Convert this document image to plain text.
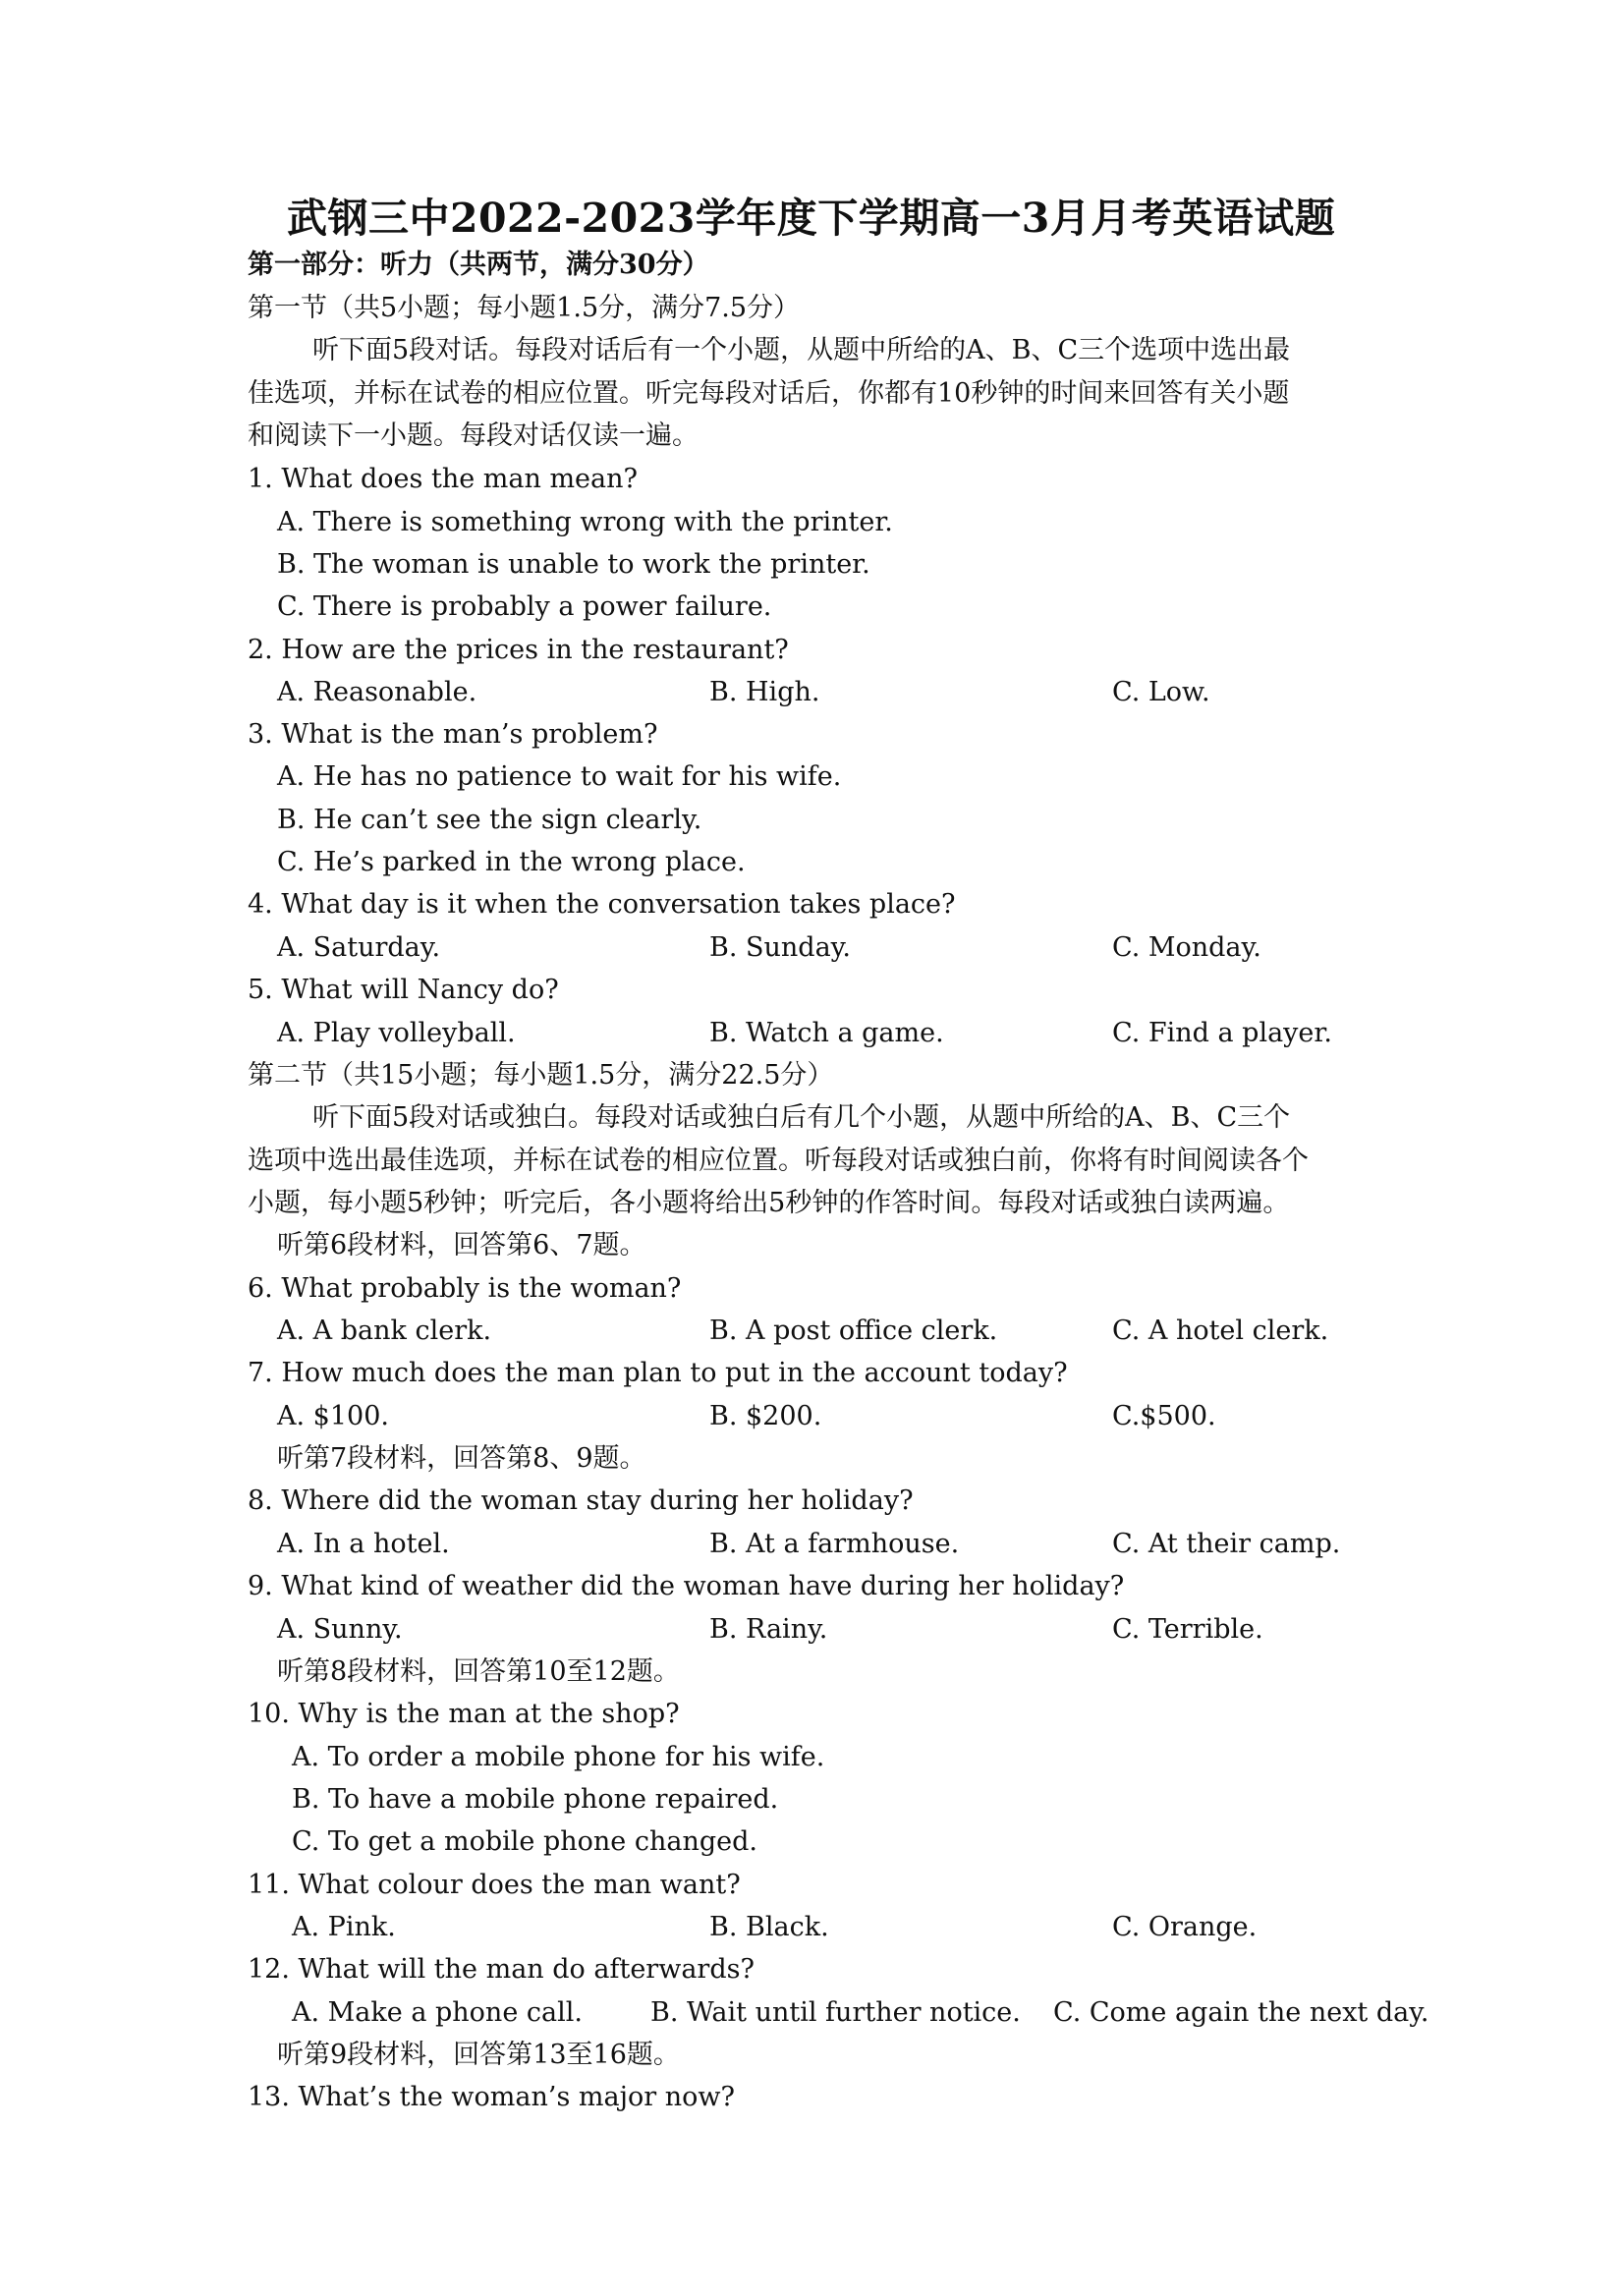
武钢三中2022-2023学年度下学期高一3月月考英语试题
第一部分：听力（共两节，满分30分）
第一节（共5小题；每小题1.5分，满分7.5分）
听下面5段对话。每段对话后有一个小题，从题中所给的A、B、C三个选项中选出最
佳选项，并标在试卷的相应位置。听完每段对话后，你都有10秒钟的时间来回答有关小题
和阅读下一小题。每段对话仅读一遍。
1. What does the man mean?
A. There is something wrong with the printer.
B. The woman is unable to work the printer.
C. There is probably a power failure.
2. How are the prices in the restaurant?
A. Reasonable.	B. High.	C. Low.
3. What is the man’s problem?
A. He has no patience to wait for his wife.
B. He can’t see the sign clearly.
C. He’s parked in the wrong place.
4. What day is it when the conversation takes place?
A. Saturday.	B. Sunday.	C. Monday.
5. What will Nancy do?
A. Play volleyball.	B. Watch a game.	C. Find a player.
第二节（共15小题；每小题1.5分，满分22.5分）
听下面5段对话或独白。每段对话或独白后有几个小题，从题中所给的A、B、C三个
选项中选出最佳选项，并标在试卷的相应位置。听每段对话或独白前，你将有时间阅读各个
小题，每小题5秒钟；听完后，各小题将给出5秒钟的作答时间。每段对话或独白读两遍。
听第6段材料，回答第6、7题。
6. What probably is the woman?
A. A bank clerk.	B. A post office clerk.	C. A hotel clerk.
7. How much does the man plan to put in the account today?
A. $100.	B. $200.	C.$500.
听第7段材料，回答第8、9题。
8. Where did the woman stay during her holiday?
A. In a hotel.	B. At a farmhouse.	C. At their camp.
9. What kind of weather did the woman have during her holiday?
A. Sunny.	B. Rainy.	C. Terrible.
听第8段材料，回答第10至12题。
10. Why is the man at the shop?
A. To order a mobile phone for his wife.
B. To have a mobile phone repaired.
C. To get a mobile phone changed.
11. What colour does the man want?
A. Pink.	B. Black.	C. Orange.
12. What will the man do afterwards?
A. Make a phone call.	B. Wait until further notice. C. Come again the next day.
听第9段材料，回答第13至16题。
13. What’s the woman’s major now?
